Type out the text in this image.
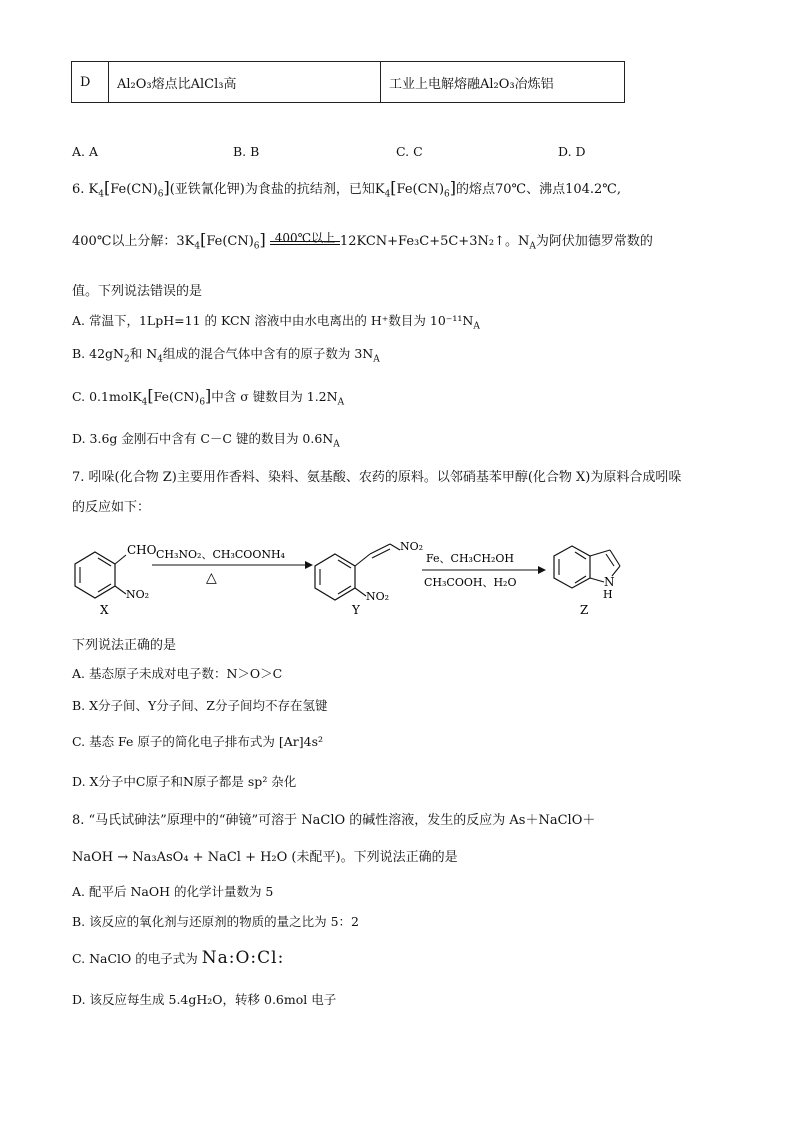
D	Al₂O₃熔点比AlCl₃高	工业上电解熔融Al₂O₃冶炼铝
A. A	B. B	C. C	D. D
6. $K_4[Fe(CN)_6]$(亚铁氰化钾)为食盐的抗结剂，已知$K_4[Fe(CN)_6]$的熔点70℃、沸点104.2℃,
400℃以上分解：$3K_4[Fe(CN)_6]$ 400℃以上 12KCN+Fe₃C+5C+3N₂↑。$N_A$为阿伏加德罗常数的
值。下列说法错误的是
A. 常温下，1LpH=11 的 KCN 溶液中由水电离出的 H⁺数目为 $10^{-11}N_A$
B. $42gN_2$和 $N_4$组成的混合气体中含有的原子数为 $3N_A$
C. $0.1molK_4[Fe(CN)_6]$中含 σ 键数目为 $1.2N_A$
D. 3.6g 金刚石中含有 C－C 键的数目为 $0.6N_A$
7. 吲哚(化合物 Z)主要用作香料、染料、氨基酸、农药的原料。以邻硝基苯甲醇(化合物 X)为原料合成吲哚
的反应如下：
CHO
NO₂
X
CH₃NO₂、CH₃COONH₄
△
NO₂
NO₂
Y
Fe、CH₃CH₂OH
CH₃COOH、H₂O	N
H
Z
下列说法正确的是
A. 基态原子未成对电子数：N＞O＞C
B. X分子间、Y分子间、Z分子间均不存在氢键
C. 基态 Fe 原子的简化电子排布式为 [Ar]4s²
D. X分子中C原子和N原子都是 sp² 杂化
8. “马氏试砷法”原理中的“砷镜”可溶于 NaClO 的碱性溶液，发生的反应为 As＋NaClO＋
NaOH → Na₃AsO₄ + NaCl + H₂O (未配平)。下列说法正确的是
A. 配平后 NaOH 的化学计量数为 5
B. 该反应的氧化剂与还原剂的物质的量之比为 5：2
C. NaClO 的电子式为 Na:O:Cl:
D. 该反应每生成 5.4gH₂O，转移 0.6mol 电子
